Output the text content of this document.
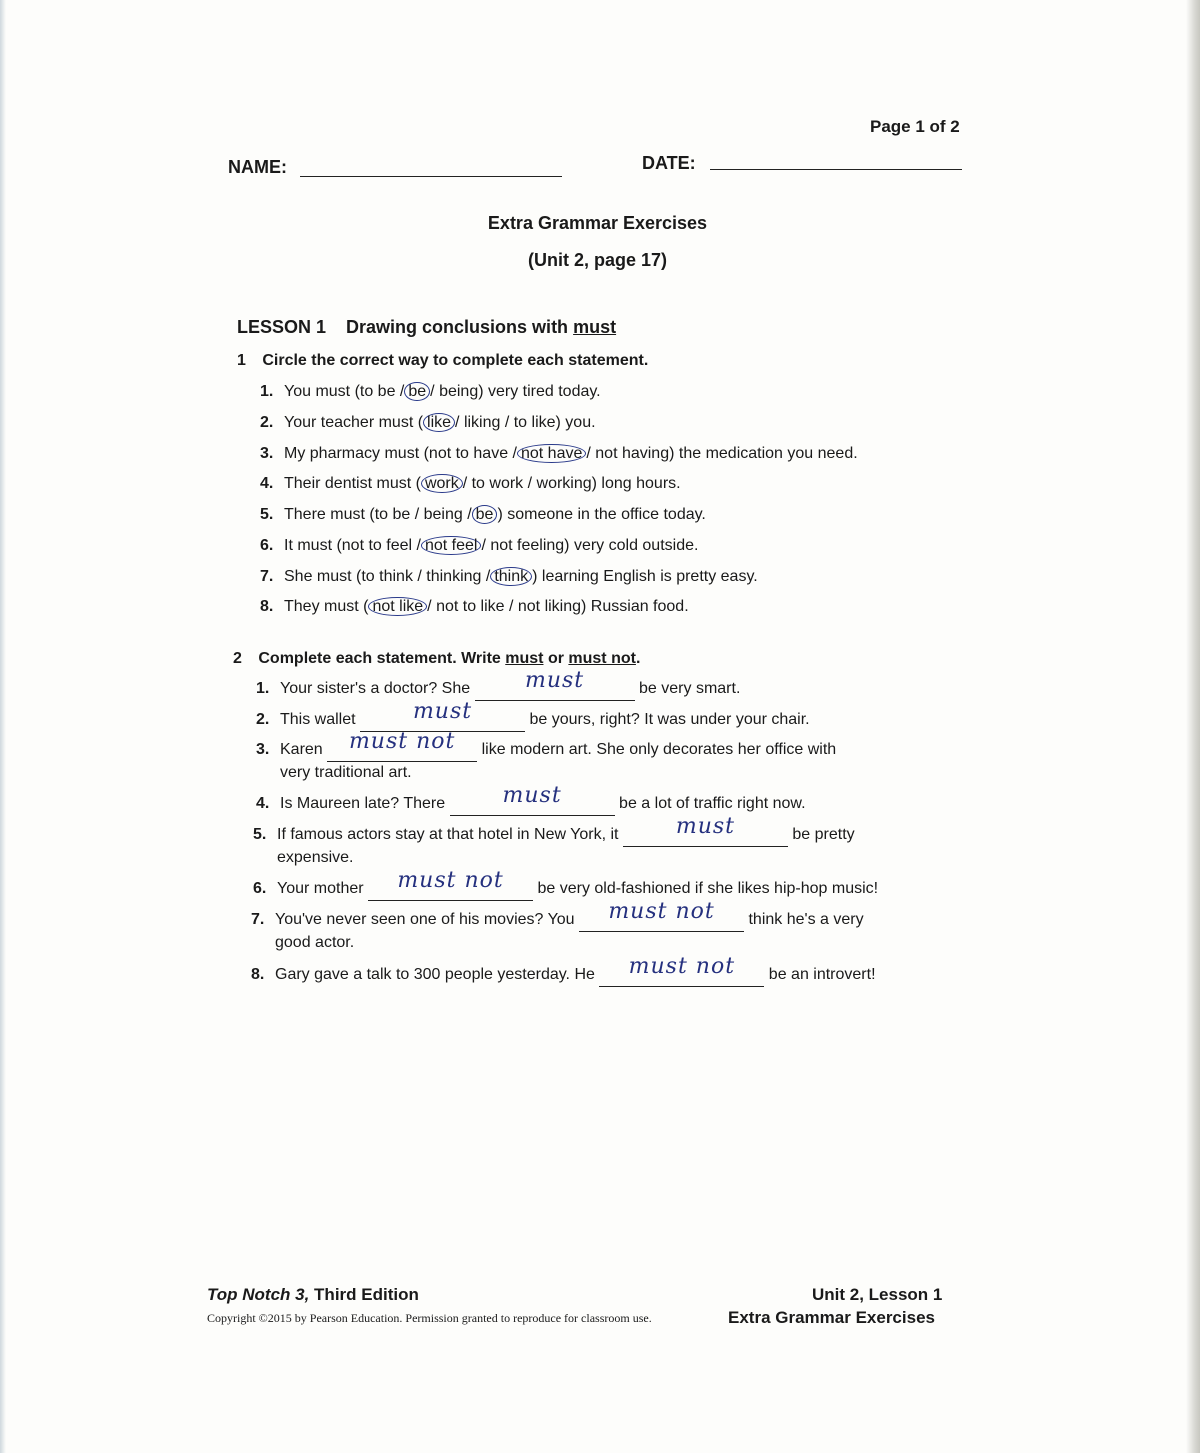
Page 1 of 2
NAME:	DATE:
Extra Grammar Exercises
(Unit 2, page 17)
LESSON 1 Drawing conclusions with must
1 Circle the correct way to complete each statement.
1. You must (to be / be / being) very tired today.
2. Your teacher must ( like / liking / to like) you.
3. My pharmacy must (not to have / not have / not having) the medication you need.
4. Their dentist must ( work / to work / working) long hours.
5. There must (to be / being / be ) someone in the office today.
6. It must (not to feel / not feel / not feeling) very cold outside.
7. She must (to think / thinking / think ) learning English is pretty easy.
8. They must ( not like / not to like / not liking) Russian food.
2 Complete each statement. Write must or must not.
1. Your sister's a doctor? She must	be very smart.
2. This wallet	must	be yours, right? It was under your chair.
3. Karen must not like modern art. She only decorates her office with
very traditional art.
4. Is Maureen late? There	must	be a lot of traffic right now.
5. If famous actors stay at that hotel in New York, it	must	be pretty
expensive.
6. Your mother must not be very old-fashioned if she likes hip-hop music!
7. You've never seen one of his movies? You must not think he's a very
good actor.
8. Gary gave a talk to 300 people yesterday. He must not be an introvert!
Top Notch 3, Third Edition
Copyright ©2015 by Pearson Education. Permission granted to reproduce for classroom use.
Unit 2, Lesson 1
Extra Grammar Exercises
